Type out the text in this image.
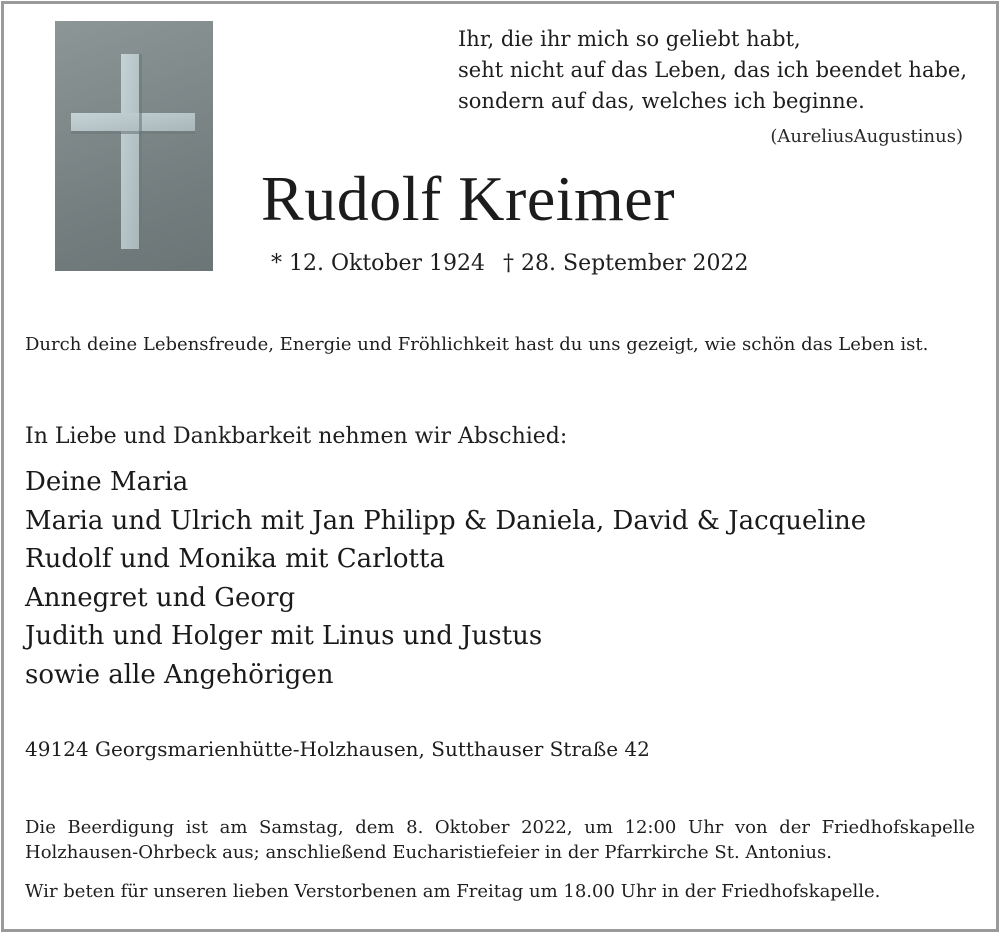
Ihr, die ihr mich so geliebt habt,
seht nicht auf das Leben, das ich beendet habe,
sondern auf das, welches ich beginne.
(AureliusAugustinus)
Rudolf Kreimer
* 12. Oktober 1924 † 28. September 2022
Durch deine Lebensfreude, Energie und Fröhlichkeit hast du uns gezeigt, wie schön das Leben ist.
In Liebe und Dankbarkeit nehmen wir Abschied:
Deine Maria
Maria und Ulrich mit Jan Philipp & Daniela, David & Jacqueline
Rudolf und Monika mit Carlotta
Annegret und Georg
Judith und Holger mit Linus und Justus
sowie alle Angehörigen
49124 Georgsmarienhütte-Holzhausen, Sutthauser Straße 42
Die Beerdigung ist am Samstag, dem 8. Oktober 2022, um 12:00 Uhr von der Friedhofskapelle Holzhausen-Ohrbeck aus; anschließend Eucharistiefeier in der Pfarrkirche St. Antonius.
Wir beten für unseren lieben Verstorbenen am Freitag um 18.00 Uhr in der Friedhofskapelle.
